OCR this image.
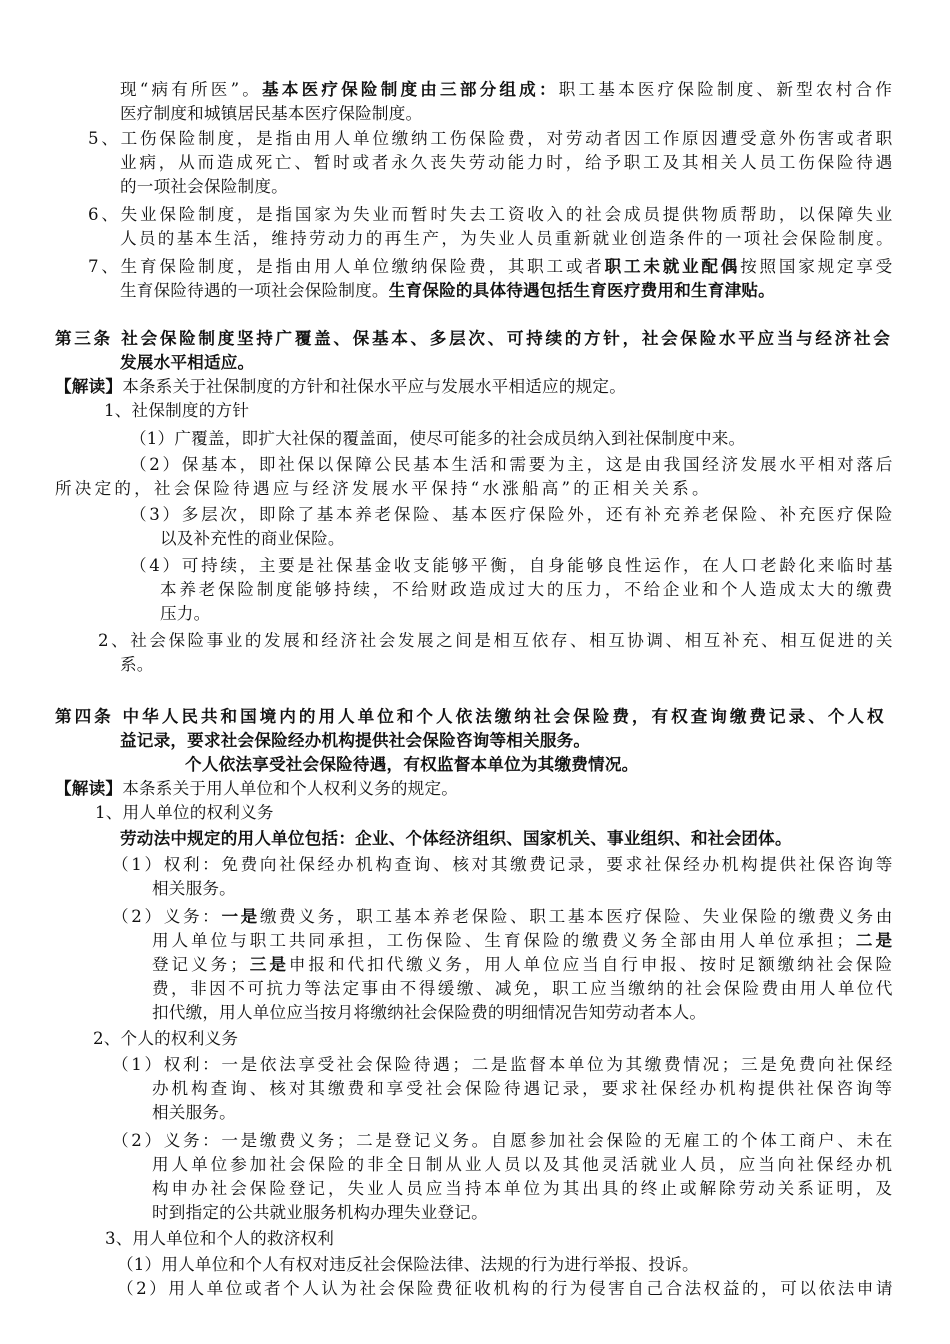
现“病有所医”。基本医疗保险制度由三部分组成：职工基本医疗保险制度、新型农村合作
医疗制度和城镇居民基本医疗保险制度。
5、工伤保险制度，是指由用人单位缴纳工伤保险费，对劳动者因工作原因遭受意外伤害或者职
业病，从而造成死亡、暂时或者永久丧失劳动能力时，给予职工及其相关人员工伤保险待遇
的一项社会保险制度。
6、失业保险制度，是指国家为失业而暂时失去工资收入的社会成员提供物质帮助，以保障失业
人员的基本生活，维持劳动力的再生产，为失业人员重新就业创造条件的一项社会保险制度。
7、生育保险制度，是指由用人单位缴纳保险费，其职工或者职工未就业配偶按照国家规定享受
生育保险待遇的一项社会保险制度。生育保险的具体待遇包括生育医疗费用和生育津贴。
第三条 社会保险制度坚持广覆盖、保基本、多层次、可持续的方针，社会保险水平应当与经济社会
发展水平相适应。
【解读】本条系关于社保制度的方针和社保水平应与发展水平相适应的规定。
1、社保制度的方针
（1）广覆盖，即扩大社保的覆盖面，使尽可能多的社会成员纳入到社保制度中来。
（2）保基本，即社保以保障公民基本生活和需要为主，这是由我国经济发展水平相对落后
所决定的，社会保险待遇应与经济发展水平保持“水涨船高”的正相关关系。
（3）多层次，即除了基本养老保险、基本医疗保险外，还有补充养老保险、补充医疗保险
以及补充性的商业保险。
（4）可持续，主要是社保基金收支能够平衡，自身能够良性运作，在人口老龄化来临时基
本养老保险制度能够持续，不给财政造成过大的压力，不给企业和个人造成太大的缴费
压力。
2、社会保险事业的发展和经济社会发展之间是相互依存、相互协调、相互补充、相互促进的关
系。
第四条 中华人民共和国境内的用人单位和个人依法缴纳社会保险费，有权查询缴费记录、个人权
益记录，要求社会保险经办机构提供社会保险咨询等相关服务。
个人依法享受社会保险待遇，有权监督本单位为其缴费情况。
【解读】本条系关于用人单位和个人权利义务的规定。
1、用人单位的权利义务
劳动法中规定的用人单位包括：企业、个体经济组织、国家机关、事业组织、和社会团体。
（1）权利：免费向社保经办机构查询、核对其缴费记录，要求社保经办机构提供社保咨询等
相关服务。
（2）义务：一是缴费义务，职工基本养老保险、职工基本医疗保险、失业保险的缴费义务由
用人单位与职工共同承担，工伤保险、生育保险的缴费义务全部由用人单位承担；二是
登记义务；三是申报和代扣代缴义务，用人单位应当自行申报、按时足额缴纳社会保险
费，非因不可抗力等法定事由不得缓缴、减免，职工应当缴纳的社会保险费由用人单位代
扣代缴，用人单位应当按月将缴纳社会保险费的明细情况告知劳动者本人。
2、个人的权利义务
（1）权利：一是依法享受社会保险待遇；二是监督本单位为其缴费情况；三是免费向社保经
办机构查询、核对其缴费和享受社会保险待遇记录，要求社保经办机构提供社保咨询等
相关服务。
（2）义务：一是缴费义务；二是登记义务。自愿参加社会保险的无雇工的个体工商户、未在
用人单位参加社会保险的非全日制从业人员以及其他灵活就业人员，应当向社保经办机
构申办社会保险登记，失业人员应当持本单位为其出具的终止或解除劳动关系证明，及
时到指定的公共就业服务机构办理失业登记。
3、用人单位和个人的救济权利
（1）用人单位和个人有权对违反社会保险法律、法规的行为进行举报、投诉。
（2）用人单位或者个人认为社会保险费征收机构的行为侵害自己合法权益的，可以依法申请
